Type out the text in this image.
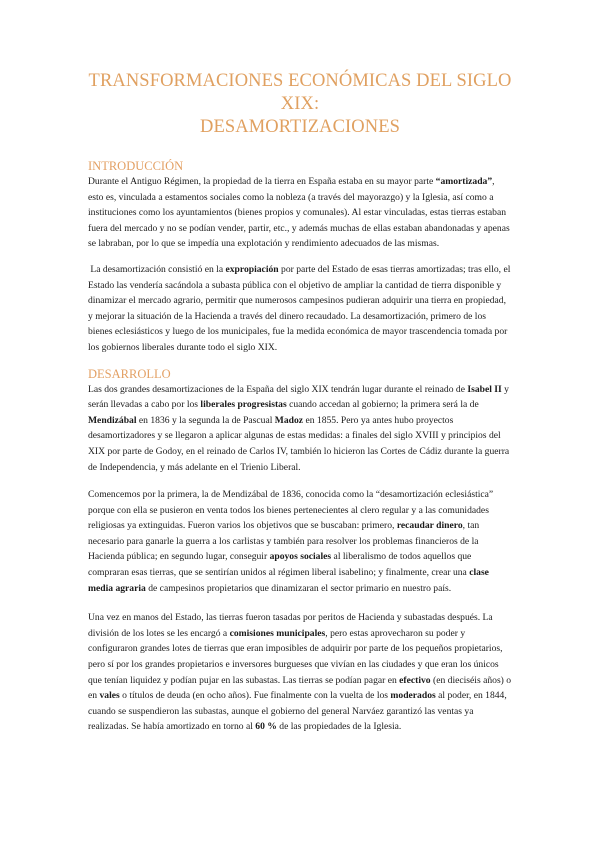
TRANSFORMACIONES ECONÓMICAS DEL SIGLO XIX:
DESAMORTIZACIONES
INTRODUCCIÓN

Durante el Antiguo Régimen, la propiedad de la tierra en España estaba en su mayor parte “amortizada”, esto es, vinculada a estamentos sociales como la nobleza (a través del mayorazgo) y la Iglesia, así como a instituciones como los ayuntamientos (bienes propios y comunales). Al estar vinculadas, estas tierras estaban fuera del mercado y no se podían vender, partir, etc., y además muchas de ellas estaban abandonadas y apenas se labraban, por lo que se impedía una explotación y rendimiento adecuados de las mismas.

La desamortización consistió en la expropiación por parte del Estado de esas tierras amortizadas; tras ello, el Estado las vendería sacándola a subasta pública con el objetivo de ampliar la cantidad de tierra disponible y dinamizar el mercado agrario, permitir que numerosos campesinos pudieran adquirir una tierra en propiedad, y mejorar la situación de la Hacienda a través del dinero recaudado. La desamortización, primero de los bienes eclesiásticos y luego de los municipales, fue la medida económica de mayor trascendencia tomada por los gobiernos liberales durante todo el siglo XIX.

DESARROLLO

Las dos grandes desamortizaciones de la España del siglo XIX tendrán lugar durante el reinado de Isabel II y serán llevadas a cabo por los liberales progresistas cuando accedan al gobierno; la primera será la de Mendizábal en 1836 y la segunda la de Pascual Madoz en 1855. Pero ya antes hubo proyectos desamortizadores y se llegaron a aplicar algunas de estas medidas: a finales del siglo XVIII y principios del XIX por parte de Godoy, en el reinado de Carlos IV, también lo hicieron las Cortes de Cádiz durante la guerra de Independencia, y más adelante en el Trienio Liberal.

Comencemos por la primera, la de Mendizábal de 1836, conocida como la “desamortización eclesiástica” porque con ella se pusieron en venta todos los bienes pertenecientes al clero regular y a las comunidades religiosas ya extinguidas. Fueron varios los objetivos que se buscaban: primero, recaudar dinero, tan necesario para ganarle la guerra a los carlistas y también para resolver los problemas financieros de la Hacienda pública; en segundo lugar, conseguir apoyos sociales al liberalismo de todos aquellos que compraran esas tierras, que se sentirían unidos al régimen liberal isabelino; y finalmente, crear una clase media agraria de campesinos propietarios que dinamizaran el sector primario en nuestro país.

Una vez en manos del Estado, las tierras fueron tasadas por peritos de Hacienda y subastadas después. La división de los lotes se les encargó a comisiones municipales, pero estas aprovecharon su poder y configuraron grandes lotes de tierras que eran imposibles de adquirir por parte de los pequeños propietarios, pero sí por los grandes propietarios e inversores burgueses que vivían en las ciudades y que eran los únicos que tenían liquidez y podían pujar en las subastas. Las tierras se podían pagar en efectivo (en dieciséis años) o en vales o títulos de deuda (en ocho años). Fue finalmente con la vuelta de los moderados al poder, en 1844, cuando se suspendieron las subastas, aunque el gobierno del general Narváez garantizó las ventas ya realizadas. Se había amortizado en torno al 60 % de las propiedades de la Iglesia.
